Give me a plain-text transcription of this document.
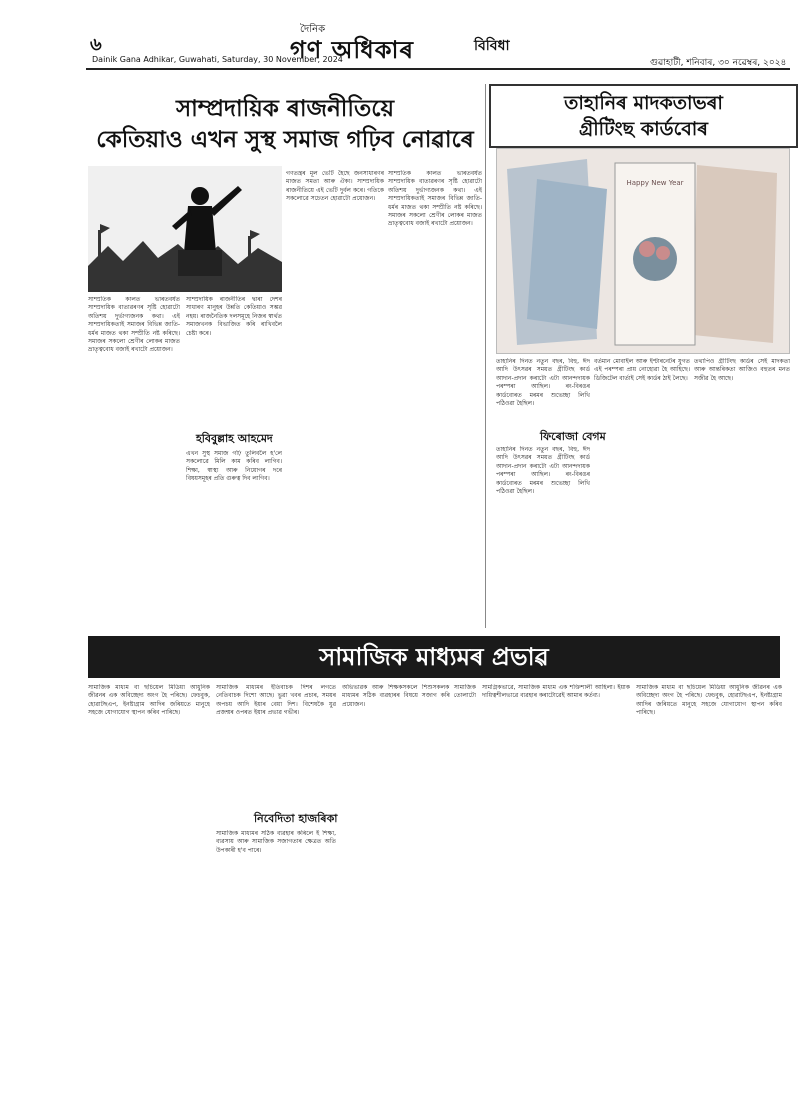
৬
দৈনিক
গণ অধিকাৰ
Dainik Gana Adhikar, Guwahati, Saturday, 30 November, 2024
বিবিধা
গুৱাহাটী, শনিবাৰ, ৩০ নৱেম্বৰ, ২০২৪
সাম্প্ৰদায়িক ৰাজনীতিয়ে
কেতিয়াও এখন সুস্থ সমাজ গঢ়িব নোৱাৰে
সাম্প্ৰতিক কালত ভাৰতবৰ্ষত সাম্প্ৰদায়িক বাতাৱৰণৰ সৃষ্টি হোৱাটো অতিশয় দুৰ্ভাগ্যজনক কথা। এই সাম্প্ৰদায়িকতাই সমাজৰ বিভিন্ন জাতি-ধৰ্মৰ মাজত থকা সম্প্ৰীতি নষ্ট কৰিছে। সমাজৰ সকলো শ্ৰেণীৰ লোকৰ মাজত ভ্ৰাতৃত্ববোধ বজাই ৰখাটো প্ৰয়োজন।
সাম্প্ৰদায়িক ৰাজনীতিৰ দ্বাৰা দেশৰ সাধাৰণ মানুহৰ উন্নতি কেতিয়াও সম্ভৱ নহয়। ৰাজনৈতিক দলসমূহে নিজৰ স্বাৰ্থত সমাজখনক বিভাজিত কৰি ৰাখিবলৈ চেষ্টা কৰে।
হবিবুল্লাহ আহমেদ
এখন সুস্থ সমাজ গঢ়ি তুলিবলৈ হ'লে সকলোৱে মিলি কাম কৰিব লাগিব। শিক্ষা, স্বাস্থ্য আৰু নিয়োগৰ দৰে বিষয়সমূহৰ প্ৰতি গুৰুত্ব দিব লাগিব।
গণতন্ত্ৰৰ মূল ভেটি হৈছে জনসাধাৰণৰ মাজত সমতা আৰু ঐক্য। সাম্প্ৰদায়িক ৰাজনীতিয়ে এই ভেটি দুৰ্বল কৰে। গতিকে সকলোৱে সচেতন হোৱাটো প্ৰয়োজন।
সাম্প্ৰতিক কালত ভাৰতবৰ্ষত সাম্প্ৰদায়িক বাতাৱৰণৰ সৃষ্টি হোৱাটো অতিশয় দুৰ্ভাগ্যজনক কথা। এই সাম্প্ৰদায়িকতাই সমাজৰ বিভিন্ন জাতি-ধৰ্মৰ মাজত থকা সম্প্ৰীতি নষ্ট কৰিছে। সমাজৰ সকলো শ্ৰেণীৰ লোকৰ মাজত ভ্ৰাতৃত্ববোধ বজাই ৰখাটো প্ৰয়োজন।
তাহানিৰ মাদকতাভৰা
গ্ৰীটিংছ কাৰ্ডবোৰ
Happy New Year
তাহানিৰ দিনত নতুন বছৰ, বিহু, ঈদ আদি উৎসৱৰ সময়ত গ্ৰীটিংছ কাৰ্ড আদান-প্ৰদান কৰাটো এটা আনন্দদায়ক পৰম্পৰা আছিল। ৰং-বিৰঙৰ কাৰ্ডবোৰত মৰমৰ শুভেচ্ছা লিখি পঠিওৱা হৈছিল।
ফিৰোজা বেগম
তাহানিৰ দিনত নতুন বছৰ, বিহু, ঈদ আদি উৎসৱৰ সময়ত গ্ৰীটিংছ কাৰ্ড আদান-প্ৰদান কৰাটো এটা আনন্দদায়ক পৰম্পৰা আছিল। ৰং-বিৰঙৰ কাৰ্ডবোৰত মৰমৰ শুভেচ্ছা লিখি পঠিওৱা হৈছিল।
বৰ্তমান মোবাইল আৰু ইণ্টাৰনেটৰ যুগত এই পৰম্পৰা প্ৰায় নোহোৱা হৈ আহিছে। ডিজিটেল বাৰ্তাই সেই কাৰ্ডৰ ঠাই লৈছে।
তথাপিও গ্ৰীটিংছ কাৰ্ডৰ সেই মাদকতা আৰু আন্তৰিকতা আজিও বহুতৰ মনত সজীৱ হৈ আছে।
সামাজিক মাধ্যমৰ প্ৰভাৱ
সামাজিক মাধ্যম বা ছচিয়েল মিডিয়া আধুনিক জীৱনৰ এক অবিচ্ছেদ্য অংগ হৈ পৰিছে। ফেচবুক, হোৱাটছএপ, ইনষ্টাগ্ৰাম আদিৰ জৰিয়তে মানুহে সহজে যোগাযোগ স্থাপন কৰিব পাৰিছে।
সামাজিক মাধ্যমৰ ইতিবাচক দিশৰ লগতে নেতিবাচক দিশো আছে। ভুৱা খবৰ প্ৰচাৰ, সময়ৰ অপচয় আদি ইয়াৰ বেয়া দিশ। বিশেষকৈ যুৱ প্ৰজন্মৰ ওপৰত ইয়াৰ প্ৰভাৱ গভীৰ।
নিবেদিতা হাজৰিকা
সামাজিক মাধ্যমৰ সঠিক ব্যৱহাৰ কৰিলে ই শিক্ষা, ব্যৱসায় আৰু সামাজিক সজাগতাৰ ক্ষেত্ৰত অতি উপকাৰী হ'ব পাৰে।
অভিভাৱক আৰু শিক্ষকসকলে শিশুসকলক সামাজিক মাধ্যমৰ সঠিক ব্যৱহাৰৰ বিষয়ে সজাগ কৰি তোলাটো প্ৰয়োজন।
সামগ্ৰিকভাৱে, সামাজিক মাধ্যম এক শক্তিশালী আহিলা। ইয়াক দায়িত্বশীলভাৱে ব্যৱহাৰ কৰাটোৱেই আমাৰ কৰ্তব্য।
সামাজিক মাধ্যম বা ছচিয়েল মিডিয়া আধুনিক জীৱনৰ এক অবিচ্ছেদ্য অংগ হৈ পৰিছে। ফেচবুক, হোৱাটছএপ, ইনষ্টাগ্ৰাম আদিৰ জৰিয়তে মানুহে সহজে যোগাযোগ স্থাপন কৰিব পাৰিছে।
